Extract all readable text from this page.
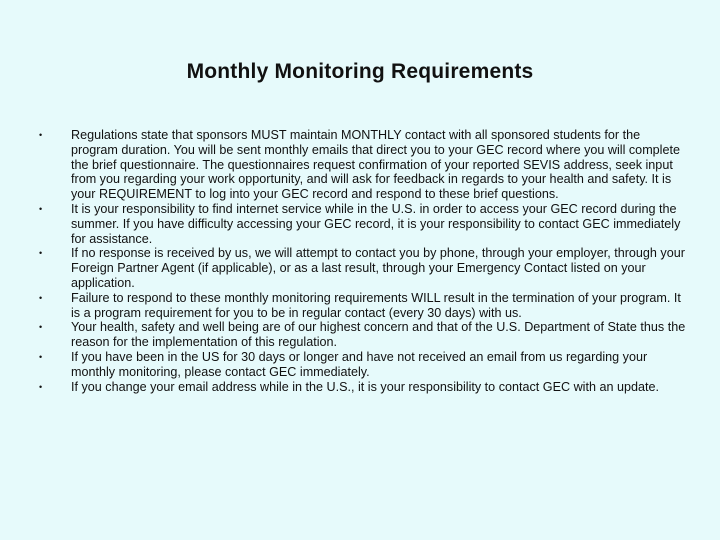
Monthly Monitoring Requirements
•	Regulations state that sponsors MUST maintain MONTHLY contact with all sponsored students for the program duration. You will be sent monthly emails that direct you to your GEC record where you will complete the brief questionnaire. The questionnaires request confirmation of your reported SEVIS address, seek input from you regarding your work opportunity, and will ask for feedback in regards to your health and safety. It is your REQUIREMENT to log into your GEC record and respond to these brief questions.
•	It is your responsibility to find internet service while in the U.S. in order to access your GEC record during the summer. If you have difficulty accessing your GEC record, it is your responsibility to contact GEC immediately for assistance.
•	If no response is received by us, we will attempt to contact you by phone, through your employer, through your Foreign Partner Agent (if applicable), or as a last result, through your Emergency Contact listed on your application.
•	Failure to respond to these monthly monitoring requirements WILL result in the termination of your program. It is a program requirement for you to be in regular contact (every 30 days) with us.
•	Your health, safety and well being are of our highest concern and that of the U.S. Department of State thus the reason for the implementation of this regulation.
•	If you have been in the US for 30 days or longer and have not received an email from us regarding your monthly monitoring, please contact GEC immediately.
•	If you change your email address while in the U.S., it is your responsibility to contact GEC with an update.
